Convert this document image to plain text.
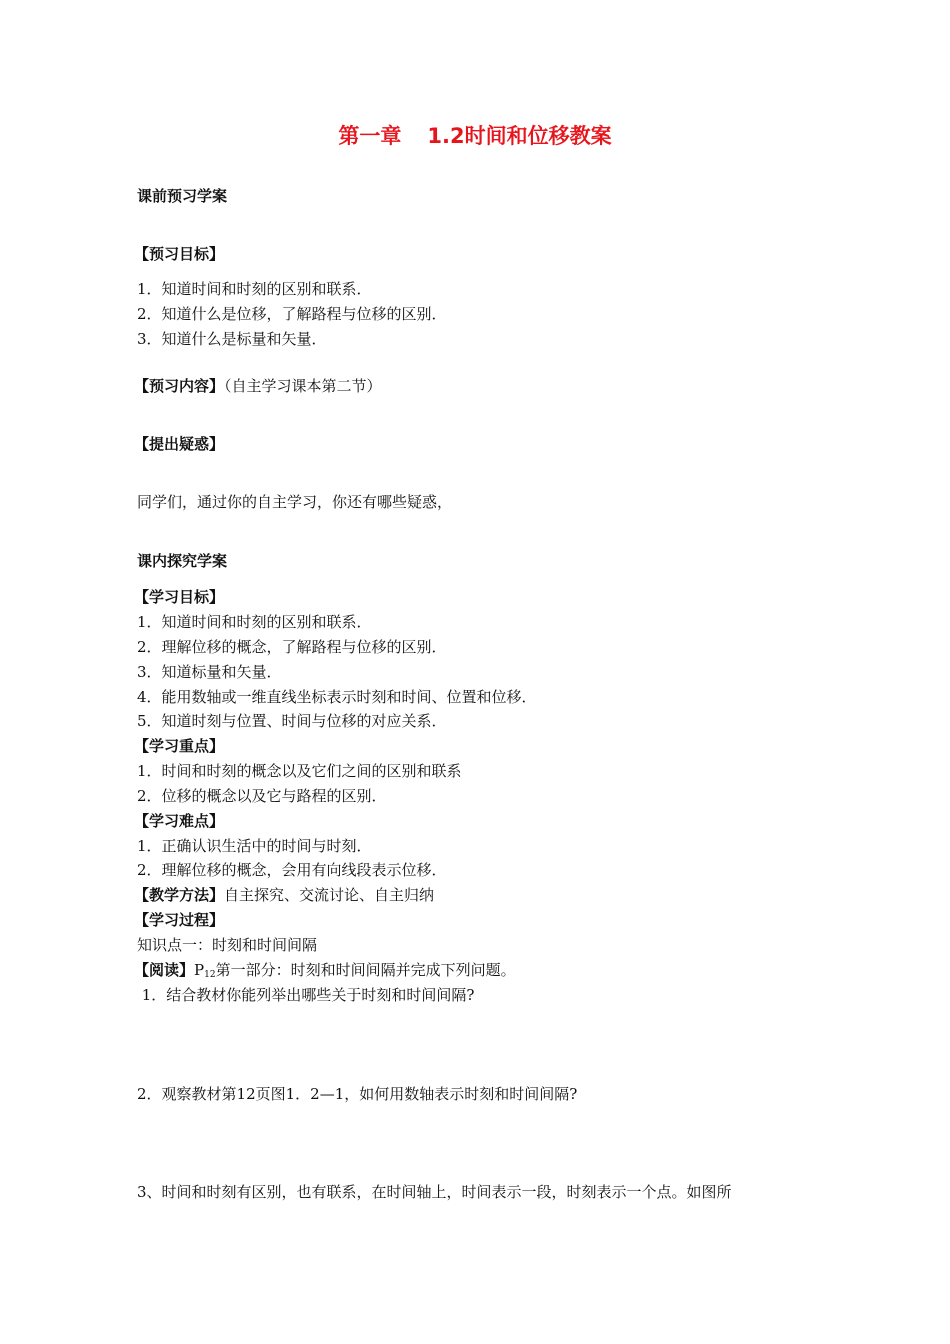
第一章 1.2时间和位移教案
课前预习学案
【预习目标】
1．知道时间和时刻的区别和联系．
2．知道什么是位移，了解路程与位移的区别．
3．知道什么是标量和矢量．
【预习内容】（自主学习课本第二节）
【提出疑惑】
同学们，通过你的自主学习，你还有哪些疑惑，
课内探究学案
【学习目标】
1．知道时间和时刻的区别和联系．
2．理解位移的概念，了解路程与位移的区别．
3．知道标量和矢量．
4．能用数轴或一维直线坐标表示时刻和时间、位置和位移．
5．知道时刻与位置、时间与位移的对应关系．
【学习重点】
1．时间和时刻的概念以及它们之间的区别和联系
2．位移的概念以及它与路程的区别．
【学习难点】
1．正确认识生活中的时间与时刻．
2．理解位移的概念，会用有向线段表示位移．
【教学方法】自主探究、交流讨论、自主归纳
【学习过程】
知识点一：时刻和时间间隔
【阅读】$P_{12}$第一部分：时刻和时间间隔并完成下列问题。
1．结合教材你能列举出哪些关于时刻和时间间隔?
2．观察教材第12页图1．2—1，如何用数轴表示时刻和时间间隔?
3、时间和时刻有区别，也有联系，在时间轴上，时间表示一段，时刻表示一个点。如图所
